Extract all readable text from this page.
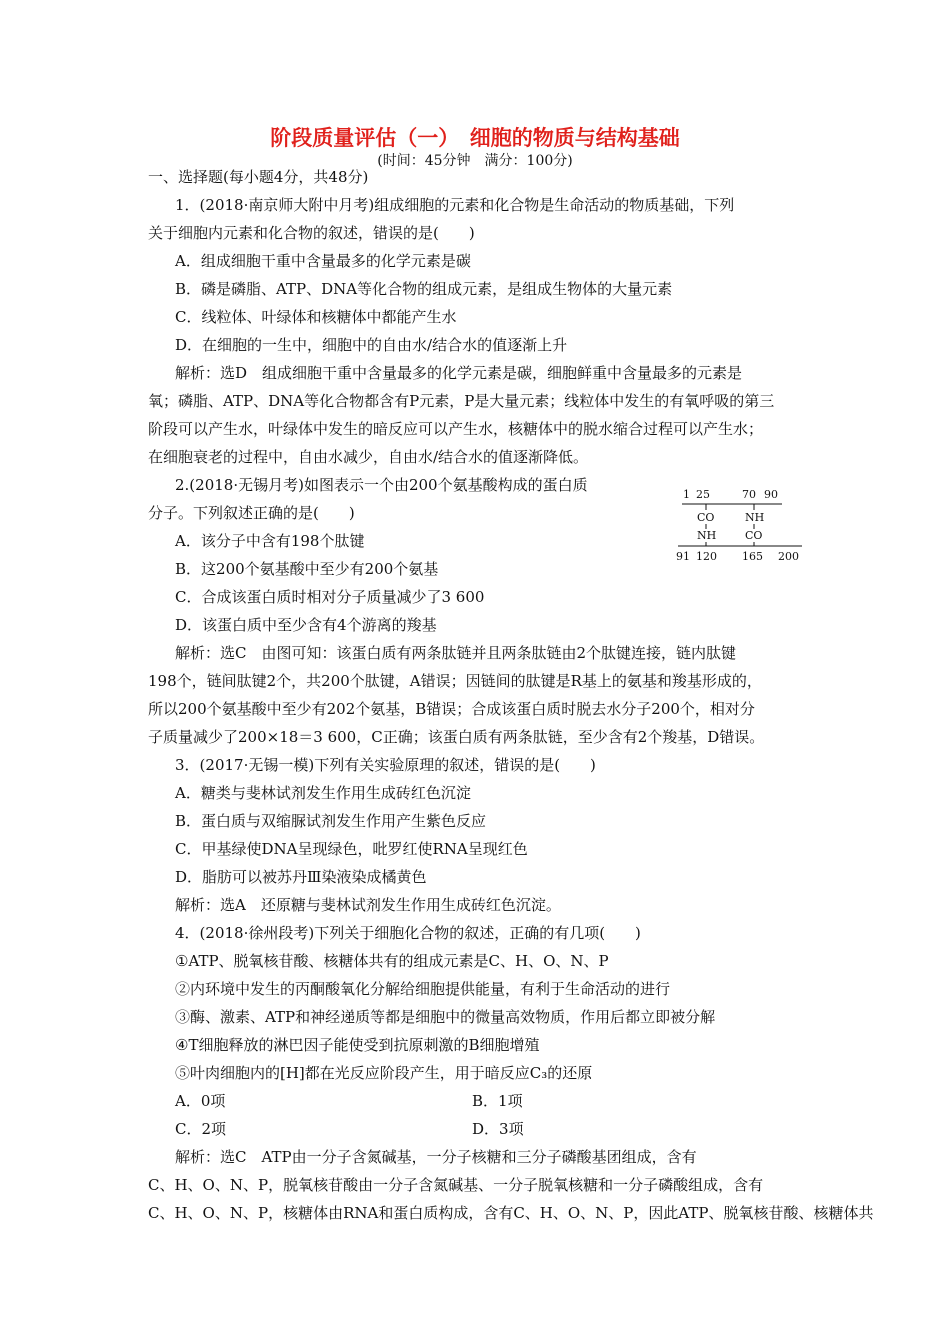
阶段质量评估（一）　细胞的物质与结构基础
(时间：45分钟　满分：100分)
一、选择题(每小题4分，共48分)
1．(2018·南京师大附中月考)组成细胞的元素和化合物是生命活动的物质基础，下列
关于细胞内元素和化合物的叙述，错误的是(　　)
A．组成细胞干重中含量最多的化学元素是碳
B．磷是磷脂、ATP、DNA等化合物的组成元素，是组成生物体的大量元素
C．线粒体、叶绿体和核糖体中都能产生水
D．在细胞的一生中，细胞中的自由水/结合水的值逐渐上升
解析：选D　组成细胞干重中含量最多的化学元素是碳，细胞鲜重中含量最多的元素是
氧；磷脂、ATP、DNA等化合物都含有P元素，P是大量元素；线粒体中发生的有氧呼吸的第三
阶段可以产生水，叶绿体中发生的暗反应可以产生水，核糖体中的脱水缩合过程可以产生水；
在细胞衰老的过程中，自由水减少，自由水/结合水的值逐渐降低。
2.(2018·无锡月考)如图表示一个由200个氨基酸构成的蛋白质
分子。下列叙述正确的是(　　)
A．该分子中含有198个肽键
B．这200个氨基酸中至少有200个氨基
C．合成该蛋白质时相对分子质量减少了3 600
D．该蛋白质中至少含有4个游离的羧基
解析：选C　由图可知：该蛋白质有两条肽链并且两条肽链由2个肽键连接，链内肽键
198个，链间肽键2个，共200个肽键，A错误；因链间的肽键是R基上的氨基和羧基形成的，
所以200个氨基酸中至少有202个氨基，B错误；合成该蛋白质时脱去水分子200个，相对分
子质量减少了200×18＝3 600，C正确；该蛋白质有两条肽链，至少含有2个羧基，D错误。
3．(2017·无锡一模)下列有关实验原理的叙述，错误的是(　　)
A．糖类与斐林试剂发生作用生成砖红色沉淀
B．蛋白质与双缩脲试剂发生作用产生紫色反应
C．甲基绿使DNA呈现绿色，吡罗红使RNA呈现红色
D．脂肪可以被苏丹Ⅲ染液染成橘黄色
解析：选A　还原糖与斐林试剂发生作用生成砖红色沉淀。
4．(2018·徐州段考)下列关于细胞化合物的叙述，正确的有几项(　　)
①ATP、脱氧核苷酸、核糖体共有的组成元素是C、H、O、N、P
②内环境中发生的丙酮酸氧化分解给细胞提供能量，有利于生命活动的进行
③酶、激素、ATP和神经递质等都是细胞中的微量高效物质，作用后都立即被分解
④T细胞释放的淋巴因子能使受到抗原刺激的B细胞增殖
⑤叶肉细胞内的[H]都在光反应阶段产生，用于暗反应C₃的还原
A．0项	B．1项
C．2项	D．3项
解析：选C　ATP由一分子含氮碱基，一分子核糖和三分子磷酸基团组成，含有
C、H、O、N、P，脱氧核苷酸由一分子含氮碱基、一分子脱氧核糖和一分子磷酸组成，含有
C、H、O、N、P，核糖体由RNA和蛋白质构成，含有C、H、O、N、P，因此ATP、脱氧核苷酸、核糖体共
1 25	70 90
CO
NH
NH
CO
91 120 165 200
